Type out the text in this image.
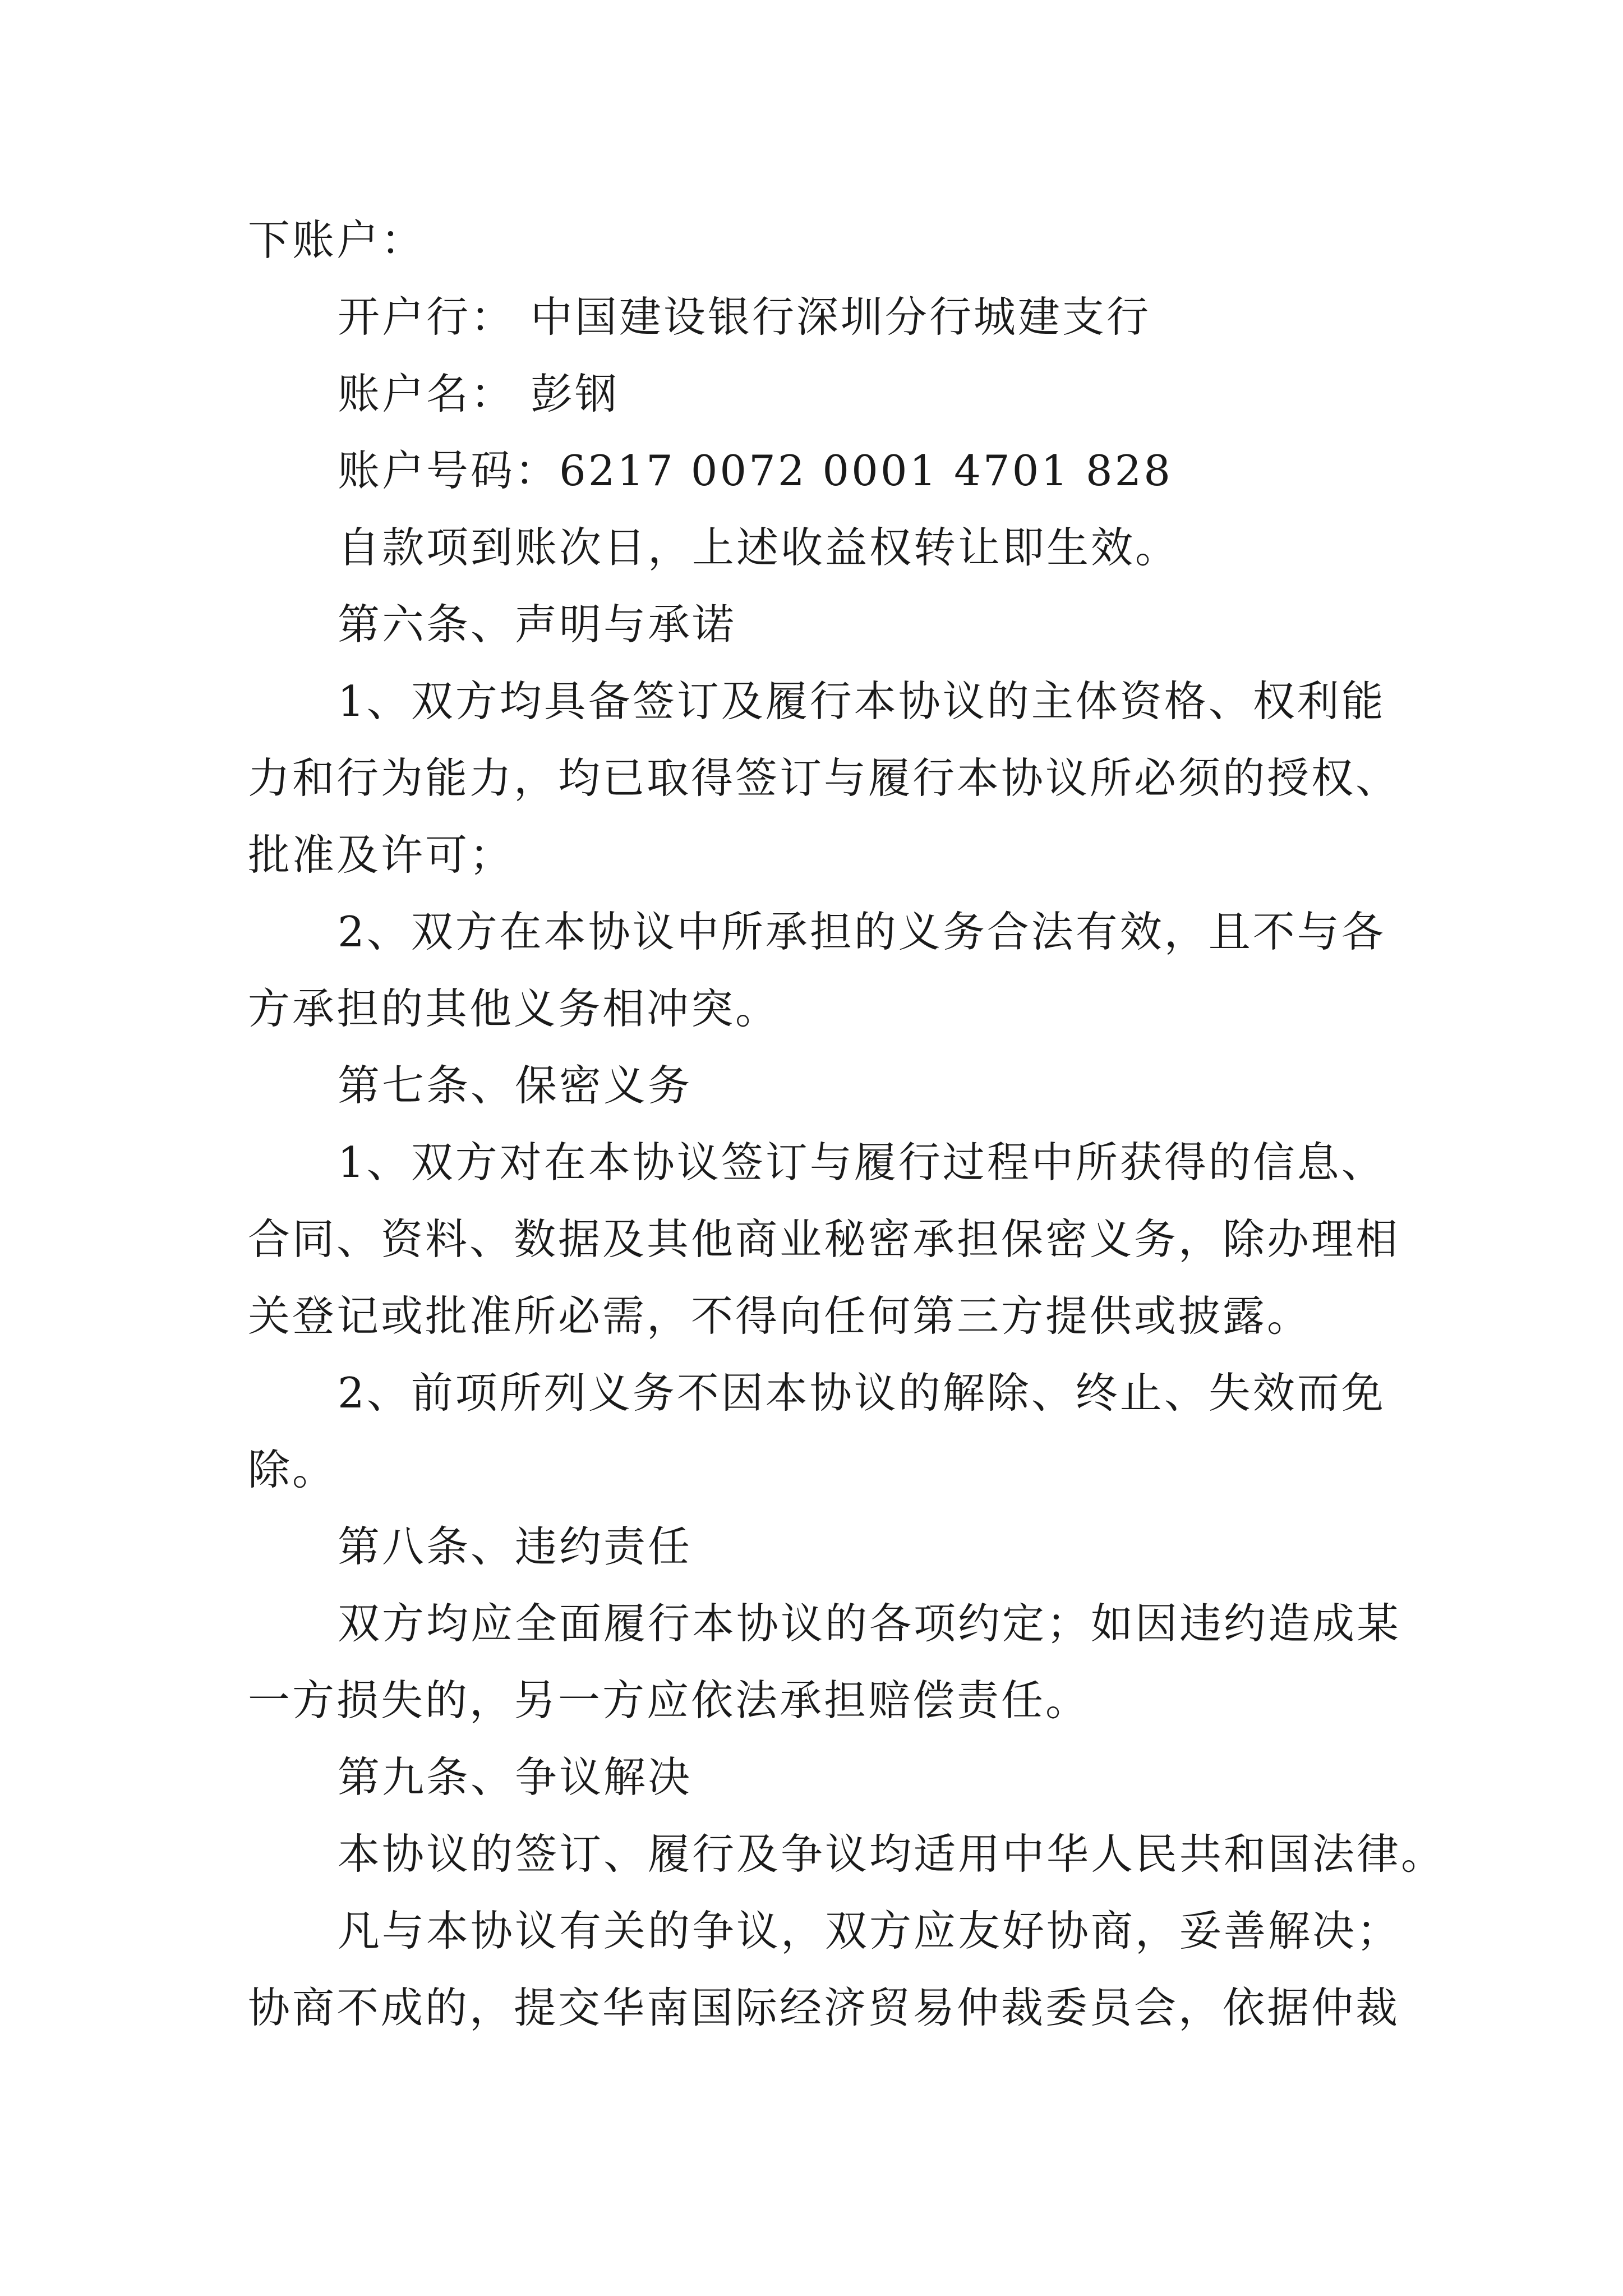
下账户：
开户行： 中国建设银行深圳分行城建支行
账户名： 彭钢
账户号码：6217 0072 0001 4701 828
自款项到账次日，上述收益权转让即生效。
第六条、声明与承诺
1、双方均具备签订及履行本协议的主体资格、权利能
力和行为能力，均已取得签订与履行本协议所必须的授权、
批准及许可；
2、双方在本协议中所承担的义务合法有效，且不与各
方承担的其他义务相冲突。
第七条、保密义务
1、双方对在本协议签订与履行过程中所获得的信息、
合同、资料、数据及其他商业秘密承担保密义务，除办理相
关登记或批准所必需，不得向任何第三方提供或披露。
2、前项所列义务不因本协议的解除、终止、失效而免
除。
第八条、违约责任
双方均应全面履行本协议的各项约定；如因违约造成某
一方损失的，另一方应依法承担赔偿责任。
第九条、争议解决
本协议的签订、履行及争议均适用中华人民共和国法律。
凡与本协议有关的争议，双方应友好协商，妥善解决；
协商不成的，提交华南国际经济贸易仲裁委员会，依据仲裁
